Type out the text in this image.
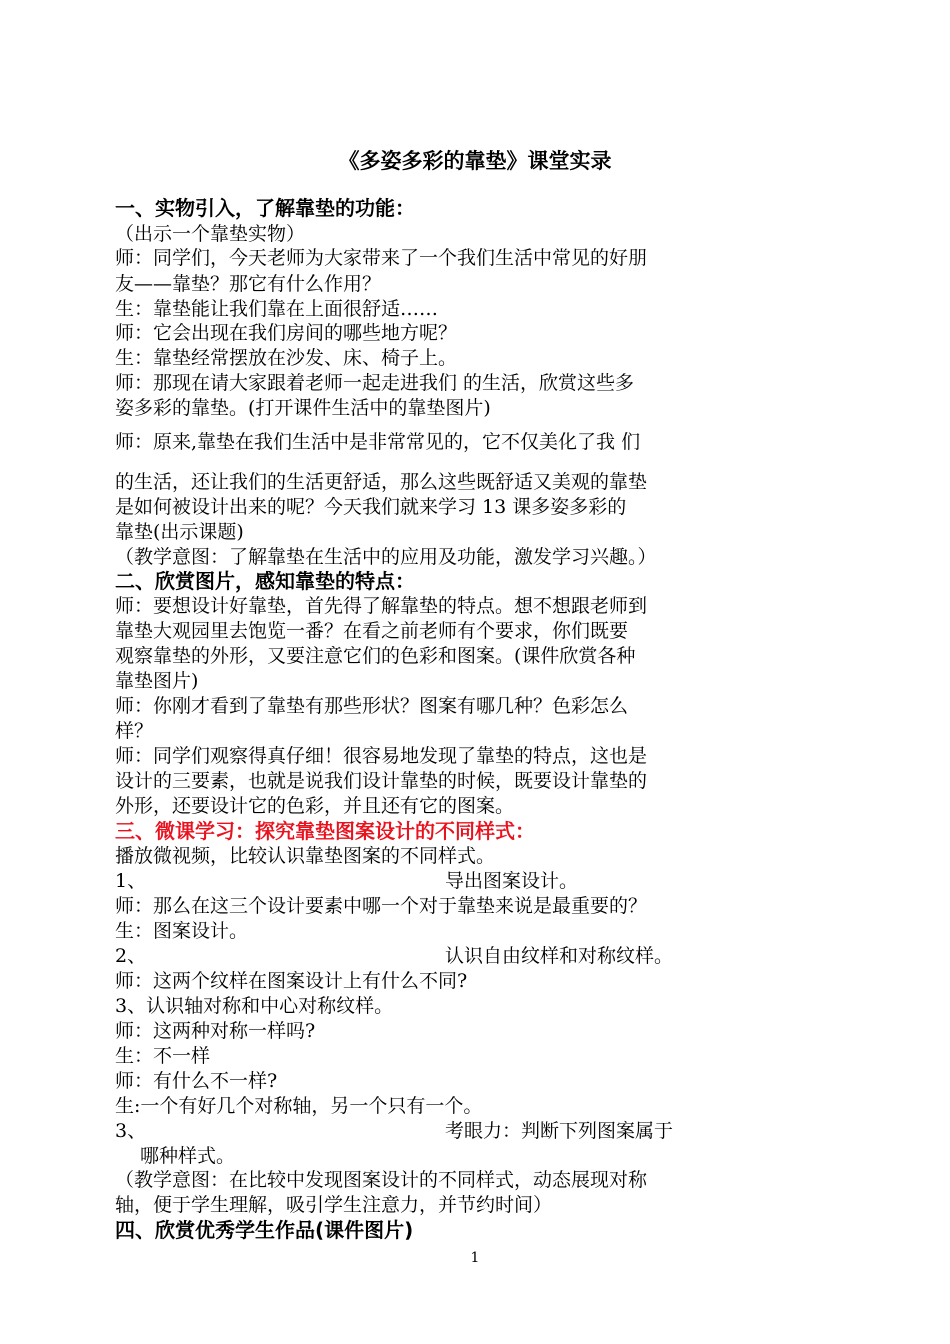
《多姿多彩的靠垫》课堂实录
一、实物引入，了解靠垫的功能：
（出示一个靠垫实物）
师：同学们，今天老师为大家带来了一个我们生活中常见的好朋
友——靠垫？那它有什么作用？
生：靠垫能让我们靠在上面很舒适……
师：它会出现在我们房间的哪些地方呢？
生：靠垫经常摆放在沙发、床、椅子上。
师：那现在请大家跟着老师一起走进我们 的生活，欣赏这些多
姿多彩的靠垫。(打开课件生活中的靠垫图片)
师：原来,靠垫在我们生活中是非常常见的，它不仅美化了我 们
的生活，还让我们的生活更舒适，那么这些既舒适又美观的靠垫
是如何被设计出来的呢？今天我们就来学习 13 课多姿多彩的
靠垫(出示课题)
（教学意图：了解靠垫在生活中的应用及功能，激发学习兴趣。）
二、欣赏图片，感知靠垫的特点：
师：要想设计好靠垫，首先得了解靠垫的特点。想不想跟老师到
靠垫大观园里去饱览一番？在看之前老师有个要求，你们既要
观察靠垫的外形，又要注意它们的色彩和图案。(课件欣赏各种
靠垫图片)
师：你刚才看到了靠垫有那些形状？图案有哪几种？色彩怎么
样？
师：同学们观察得真仔细！很容易地发现了靠垫的特点，这也是
设计的三要素，也就是说我们设计靠垫的时候，既要设计靠垫的
外形，还要设计它的色彩，并且还有它的图案。
三、微课学习：探究靠垫图案设计的不同样式：
播放微视频，比较认识靠垫图案的不同样式。
1、	导出图案设计。
师：那么在这三个设计要素中哪一个对于靠垫来说是最重要的？
生：图案设计。
2、	认识自由纹样和对称纹样。
师：这两个纹样在图案设计上有什么不同?
3、认识轴对称和中心对称纹样。
师：这两种对称一样吗?
生：不一样
师：有什么不一样?
生:一个有好几个对称轴，另一个只有一个。
3、	考眼力：判断下列图案属于
哪种样式。
（教学意图：在比较中发现图案设计的不同样式，动态展现对称
轴，便于学生理解，吸引学生注意力，并节约时间）
四、欣赏优秀学生作品(课件图片)
1
